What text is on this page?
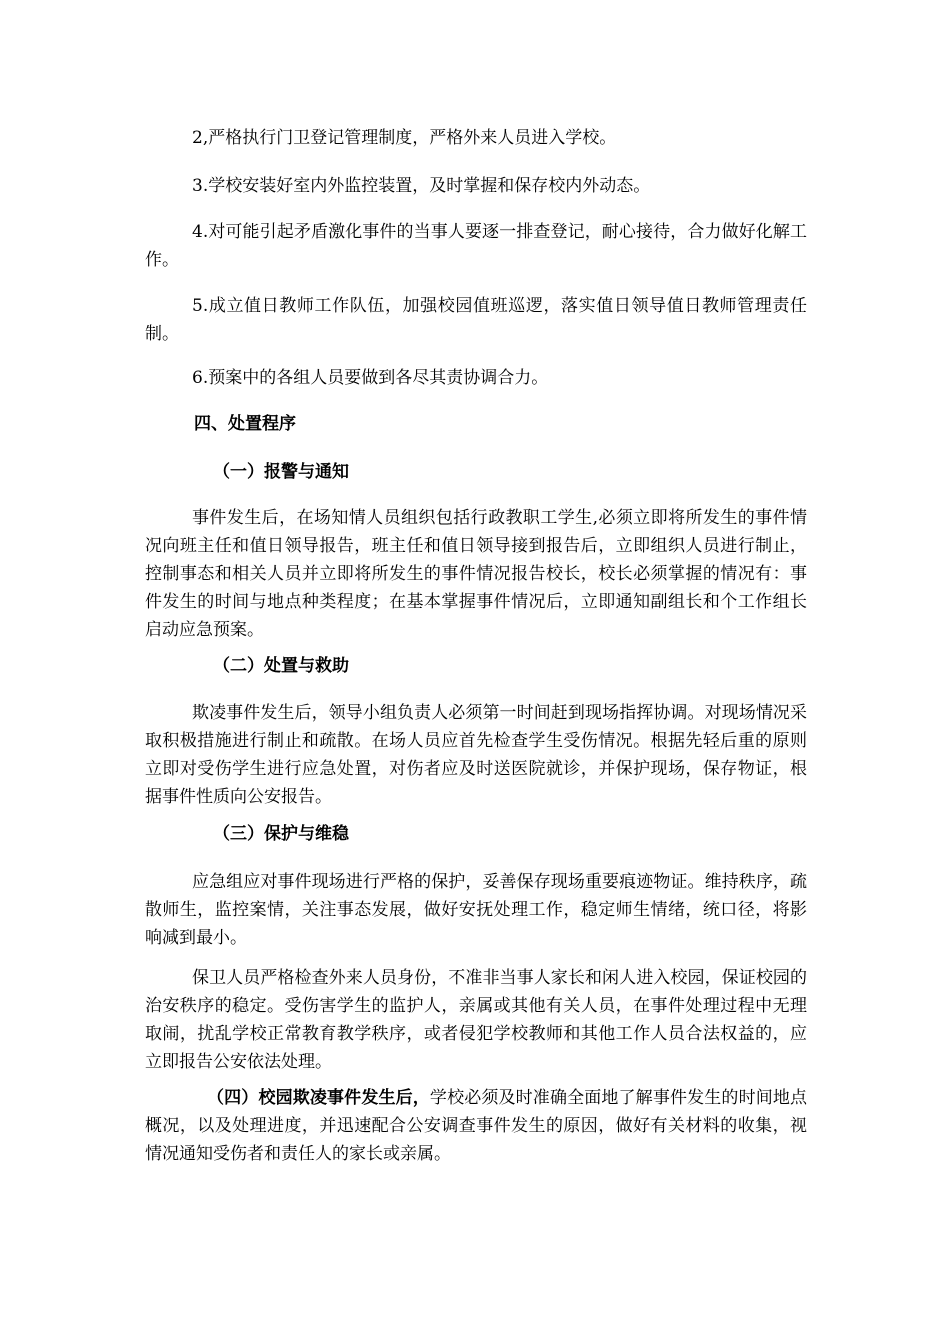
2,严格执行门卫登记管理制度，严格外来人员进入学校。

3.学校安装好室内外监控装置，及时掌握和保存校内外动态。

4.对可能引起矛盾激化事件的当事人要逐一排查登记，耐心接待，合力做好化解工作。

5.成立值日教师工作队伍，加强校园值班巡逻，落实值日领导值日教师管理责任制。

6.预案中的各组人员要做到各尽其责协调合力。

四、处置程序

（一）报警与通知

事件发生后，在场知情人员组织包括行政教职工学生,必须立即将所发生的事件情况向班主任和值日领导报告，班主任和值日领导接到报告后，立即组织人员进行制止，控制事态和相关人员并立即将所发生的事件情况报告校长，校长必须掌握的情况有：事件发生的时间与地点种类程度；在基本掌握事件情况后，立即通知副组长和个工作组长启动应急预案。

（二）处置与救助

欺凌事件发生后，领导小组负责人必须第一时间赶到现场指挥协调。对现场情况采取积极措施进行制止和疏散。在场人员应首先检查学生受伤情况。根据先轻后重的原则立即对受伤学生进行应急处置，对伤者应及时送医院就诊，并保护现场，保存物证，根据事件性质向公安报告。

（三）保护与维稳

应急组应对事件现场进行严格的保护，妥善保存现场重要痕迹物证。维持秩序，疏散师生，监控案情，关注事态发展，做好安抚处理工作，稳定师生情绪，统口径，将影响减到最小。

保卫人员严格检查外来人员身份，不准非当事人家长和闲人进入校园，保证校园的治安秩序的稳定。受伤害学生的监护人，亲属或其他有关人员，在事件处理过程中无理取闹，扰乱学校正常教育教学秩序，或者侵犯学校教师和其他工作人员合法权益的，应立即报告公安依法处理。

（四）校园欺凌事件发生后，学校必须及时准确全面地了解事件发生的时间地点概况，以及处理进度，并迅速配合公安调查事件发生的原因，做好有关材料的收集，视情况通知受伤者和责任人的家长或亲属。
